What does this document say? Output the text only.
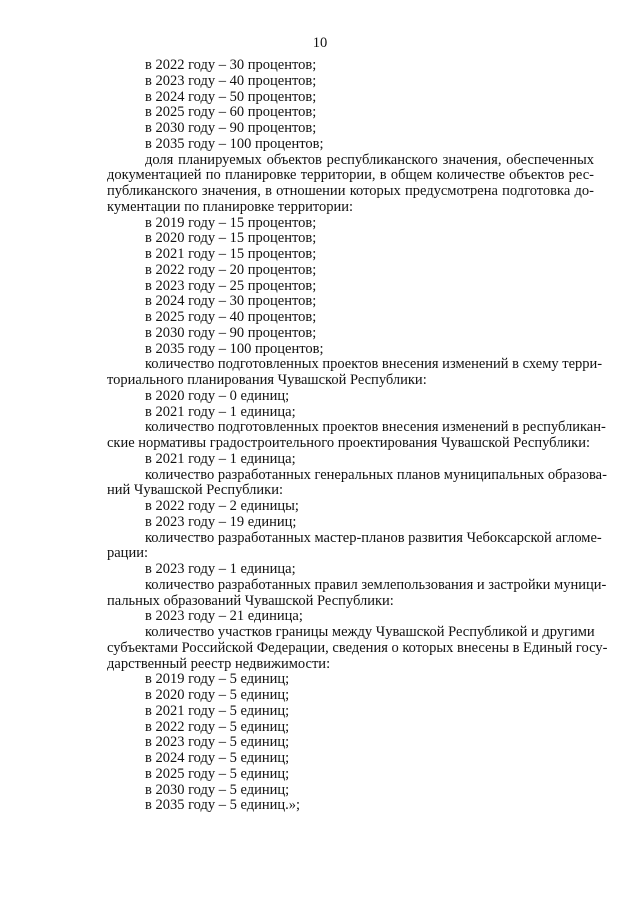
10
в 2022 году – 30 процентов;
в 2023 году – 40 процентов;
в 2024 году – 50 процентов;
в 2025 году – 60 процентов;
в 2030 году – 90 процентов;
в 2035 году – 100 процентов;
доля планируемых объектов республиканского значения, обеспеченных
документацией по планировке территории, в общем количестве объектов рес-
публиканского значения, в отношении которых предусмотрена подготовка до-
кументации по планировке территории:
в 2019 году – 15 процентов;
в 2020 году – 15 процентов;
в 2021 году – 15 процентов;
в 2022 году – 20 процентов;
в 2023 году – 25 процентов;
в 2024 году – 30 процентов;
в 2025 году – 40 процентов;
в 2030 году – 90 процентов;
в 2035 году – 100 процентов;
количество подготовленных проектов внесения изменений в схему терри-
ториального планирования Чувашской Республики:
в 2020 году – 0 единиц;
в 2021 году – 1 единица;
количество подготовленных проектов внесения изменений в республикан-
ские нормативы градостроительного проектирования Чувашской Республики:
в 2021 году – 1 единица;
количество разработанных генеральных планов муниципальных образова-
ний Чувашской Республики:
в 2022 году – 2 единицы;
в 2023 году – 19 единиц;
количество разработанных мастер-планов развития Чебоксарской агломе-
рации:
в 2023 году – 1 единица;
количество разработанных правил землепользования и застройки муници-
пальных образований Чувашской Республики:
в 2023 году – 21 единица;
количество участков границы между Чувашской Республикой и другими
субъектами Российской Федерации, сведения о которых внесены в Единый госу-
дарственный реестр недвижимости:
в 2019 году – 5 единиц;
в 2020 году – 5 единиц;
в 2021 году – 5 единиц;
в 2022 году – 5 единиц;
в 2023 году – 5 единиц;
в 2024 году – 5 единиц;
в 2025 году – 5 единиц;
в 2030 году – 5 единиц;
в 2035 году – 5 единиц.»;
